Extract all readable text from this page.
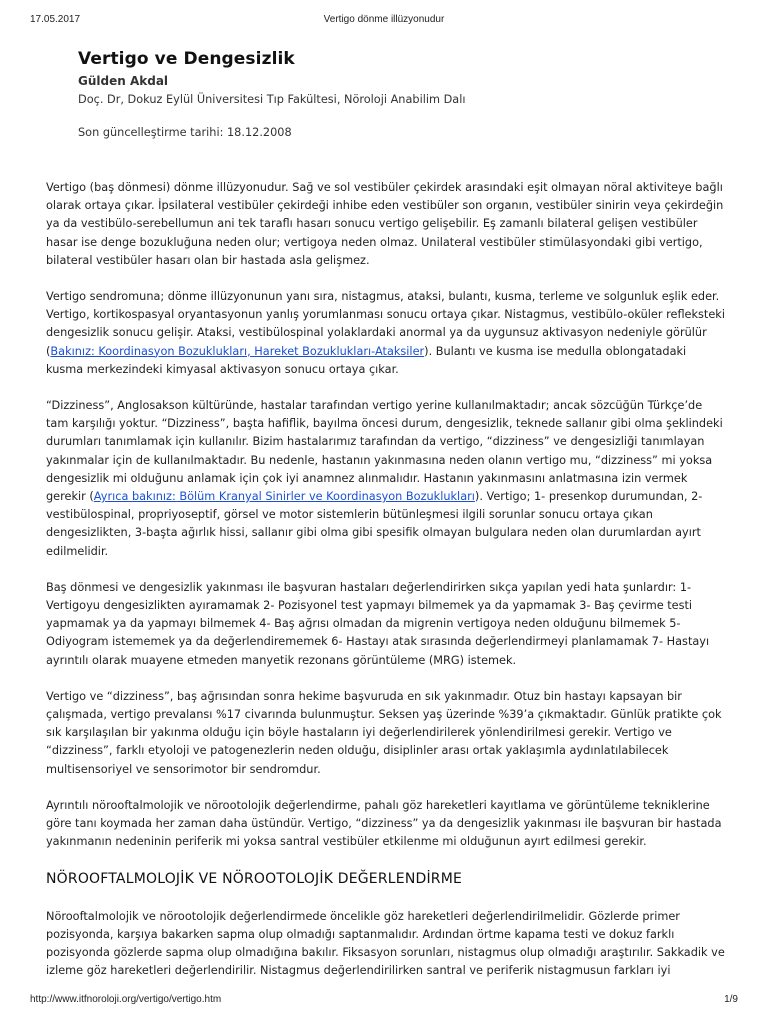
17.05.2017	Vertigo dönme illüzyonudur
Vertigo ve Dengesizlik
Gülden Akdal
Doç. Dr, Dokuz Eylül Üniversitesi Tıp Fakültesi, Nöroloji Anabilim Dalı
Son güncelleştirme tarihi: 18.12.2008

Vertigo (baş dönmesi) dönme illüzyonudur. Sağ ve sol vestibüler çekirdek arasındaki eşit olmayan nöral aktiviteye bağlı olarak ortaya çıkar. İpsilateral vestibüler çekirdeği inhibe eden vestibüler son organın, vestibüler sinirin veya çekirdeğin ya da vestibülo-serebellumun ani tek taraflı hasarı sonucu vertigo gelişebilir. Eş zamanlı bilateral gelişen vestibüler hasar ise denge bozukluğuna neden olur; vertigoya neden olmaz. Unilateral vestibüler stimülasyondaki gibi vertigo, bilateral vestibüler hasarı olan bir hastada asla gelişmez.

Vertigo sendromuna; dönme illüzyonunun yanı sıra, nistagmus, ataksi, bulantı, kusma, terleme ve solgunluk eşlik eder. Vertigo, kortikospasyal oryantasyonun yanlış yorumlanması sonucu ortaya çıkar. Nistagmus, vestibülo-oküler refleksteki dengesizlik sonucu gelişir. Ataksi, vestibülospinal yolaklardaki anormal ya da uygunsuz aktivasyon nedeniyle görülür (Bakınız: Koordinasyon Bozuklukları, Hareket Bozuklukları-Ataksiler). Bulantı ve kusma ise medulla oblongatadaki kusma merkezindeki kimyasal aktivasyon sonucu ortaya çıkar.

“Dizziness”, Anglosakson kültüründe, hastalar tarafından vertigo yerine kullanılmaktadır; ancak sözcüğün Türkçe’de tam karşılığı yoktur. “Dizziness”, başta hafiflik, bayılma öncesi durum, dengesizlik, teknede sallanır gibi olma şeklindeki durumları tanımlamak için kullanılır. Bizim hastalarımız tarafından da vertigo, “dizziness” ve dengesizliği tanımlayan yakınmalar için de kullanılmaktadır. Bu nedenle, hastanın yakınmasına neden olanın vertigo mu, “dizziness” mi yoksa dengesizlik mi olduğunu anlamak için çok iyi anamnez alınmalıdır. Hastanın yakınmasını anlatmasına izin vermek gerekir (Ayrıca bakınız: Bölüm Kranyal Sinirler ve Koordinasyon Bozuklukları). Vertigo; 1- presenkop durumundan, 2- vestibülospinal, propriyoseptif, görsel ve motor sistemlerin bütünleşmesi ilgili sorunlar sonucu ortaya çıkan dengesizlikten, 3-başta ağırlık hissi, sallanır gibi olma gibi spesifik olmayan bulgulara neden olan durumlardan ayırt edilmelidir.

Baş dönmesi ve dengesizlik yakınması ile başvuran hastaları değerlendirirken sıkça yapılan yedi hata şunlardır: 1- Vertigoyu dengesizlikten ayıramamak 2- Pozisyonel test yapmayı bilmemek ya da yapmamak 3- Baş çevirme testi yapmamak ya da yapmayı bilmemek 4- Baş ağrısı olmadan da migrenin vertigoya neden olduğunu bilmemek 5- Odiyogram istememek ya da değerlendirememek 6- Hastayı atak sırasında değerlendirmeyi planlamamak 7- Hastayı ayrıntılı olarak muayene etmeden manyetik rezonans görüntüleme (MRG) istemek.

Vertigo ve “dizziness”, baş ağrısından sonra hekime başvuruda en sık yakınmadır. Otuz bin hastayı kapsayan bir çalışmada, vertigo prevalansı %17 civarında bulunmuştur. Seksen yaş üzerinde %39’a çıkmaktadır. Günlük pratikte çok sık karşılaşılan bir yakınma olduğu için böyle hastaların iyi değerlendirilerek yönlendirilmesi gerekir. Vertigo ve “dizziness”, farklı etyoloji ve patogenezlerin neden olduğu, disiplinler arası ortak yaklaşımla aydınlatılabilecek multisensoriyel ve sensorimotor bir sendromdur.

Ayrıntılı nörooftalmolojik ve nörootolojik değerlendirme, pahalı göz hareketleri kayıtlama ve görüntüleme tekniklerine göre tanı koymada her zaman daha üstündür. Vertigo, “dizziness” ya da dengesizlik yakınması ile başvuran bir hastada yakınmanın nedeninin periferik mi yoksa santral vestibüler etkilenme mi olduğunun ayırt edilmesi gerekir.

NÖROOFTALMOLOJİK VE NÖROOTOLOJİK DEĞERLENDİRME

Nörooftalmolojik ve nörootolojik değerlendirmede öncelikle göz hareketleri değerlendirilmelidir. Gözlerde primer pozisyonda, karşıya bakarken sapma olup olmadığı saptanmalıdır. Ardından örtme kapama testi ve dokuz farklı pozisyonda gözlerde sapma olup olmadığına bakılır. Fiksasyon sorunları, nistagmus olup olmadığı araştırılır. Sakkadik ve izleme göz hareketleri değerlendirilir. Nistagmus değerlendirilirken santral ve periferik nistagmusun farkları iyi

http://www.itfnoroloji.org/vertigo/vertigo.htm	1/9
